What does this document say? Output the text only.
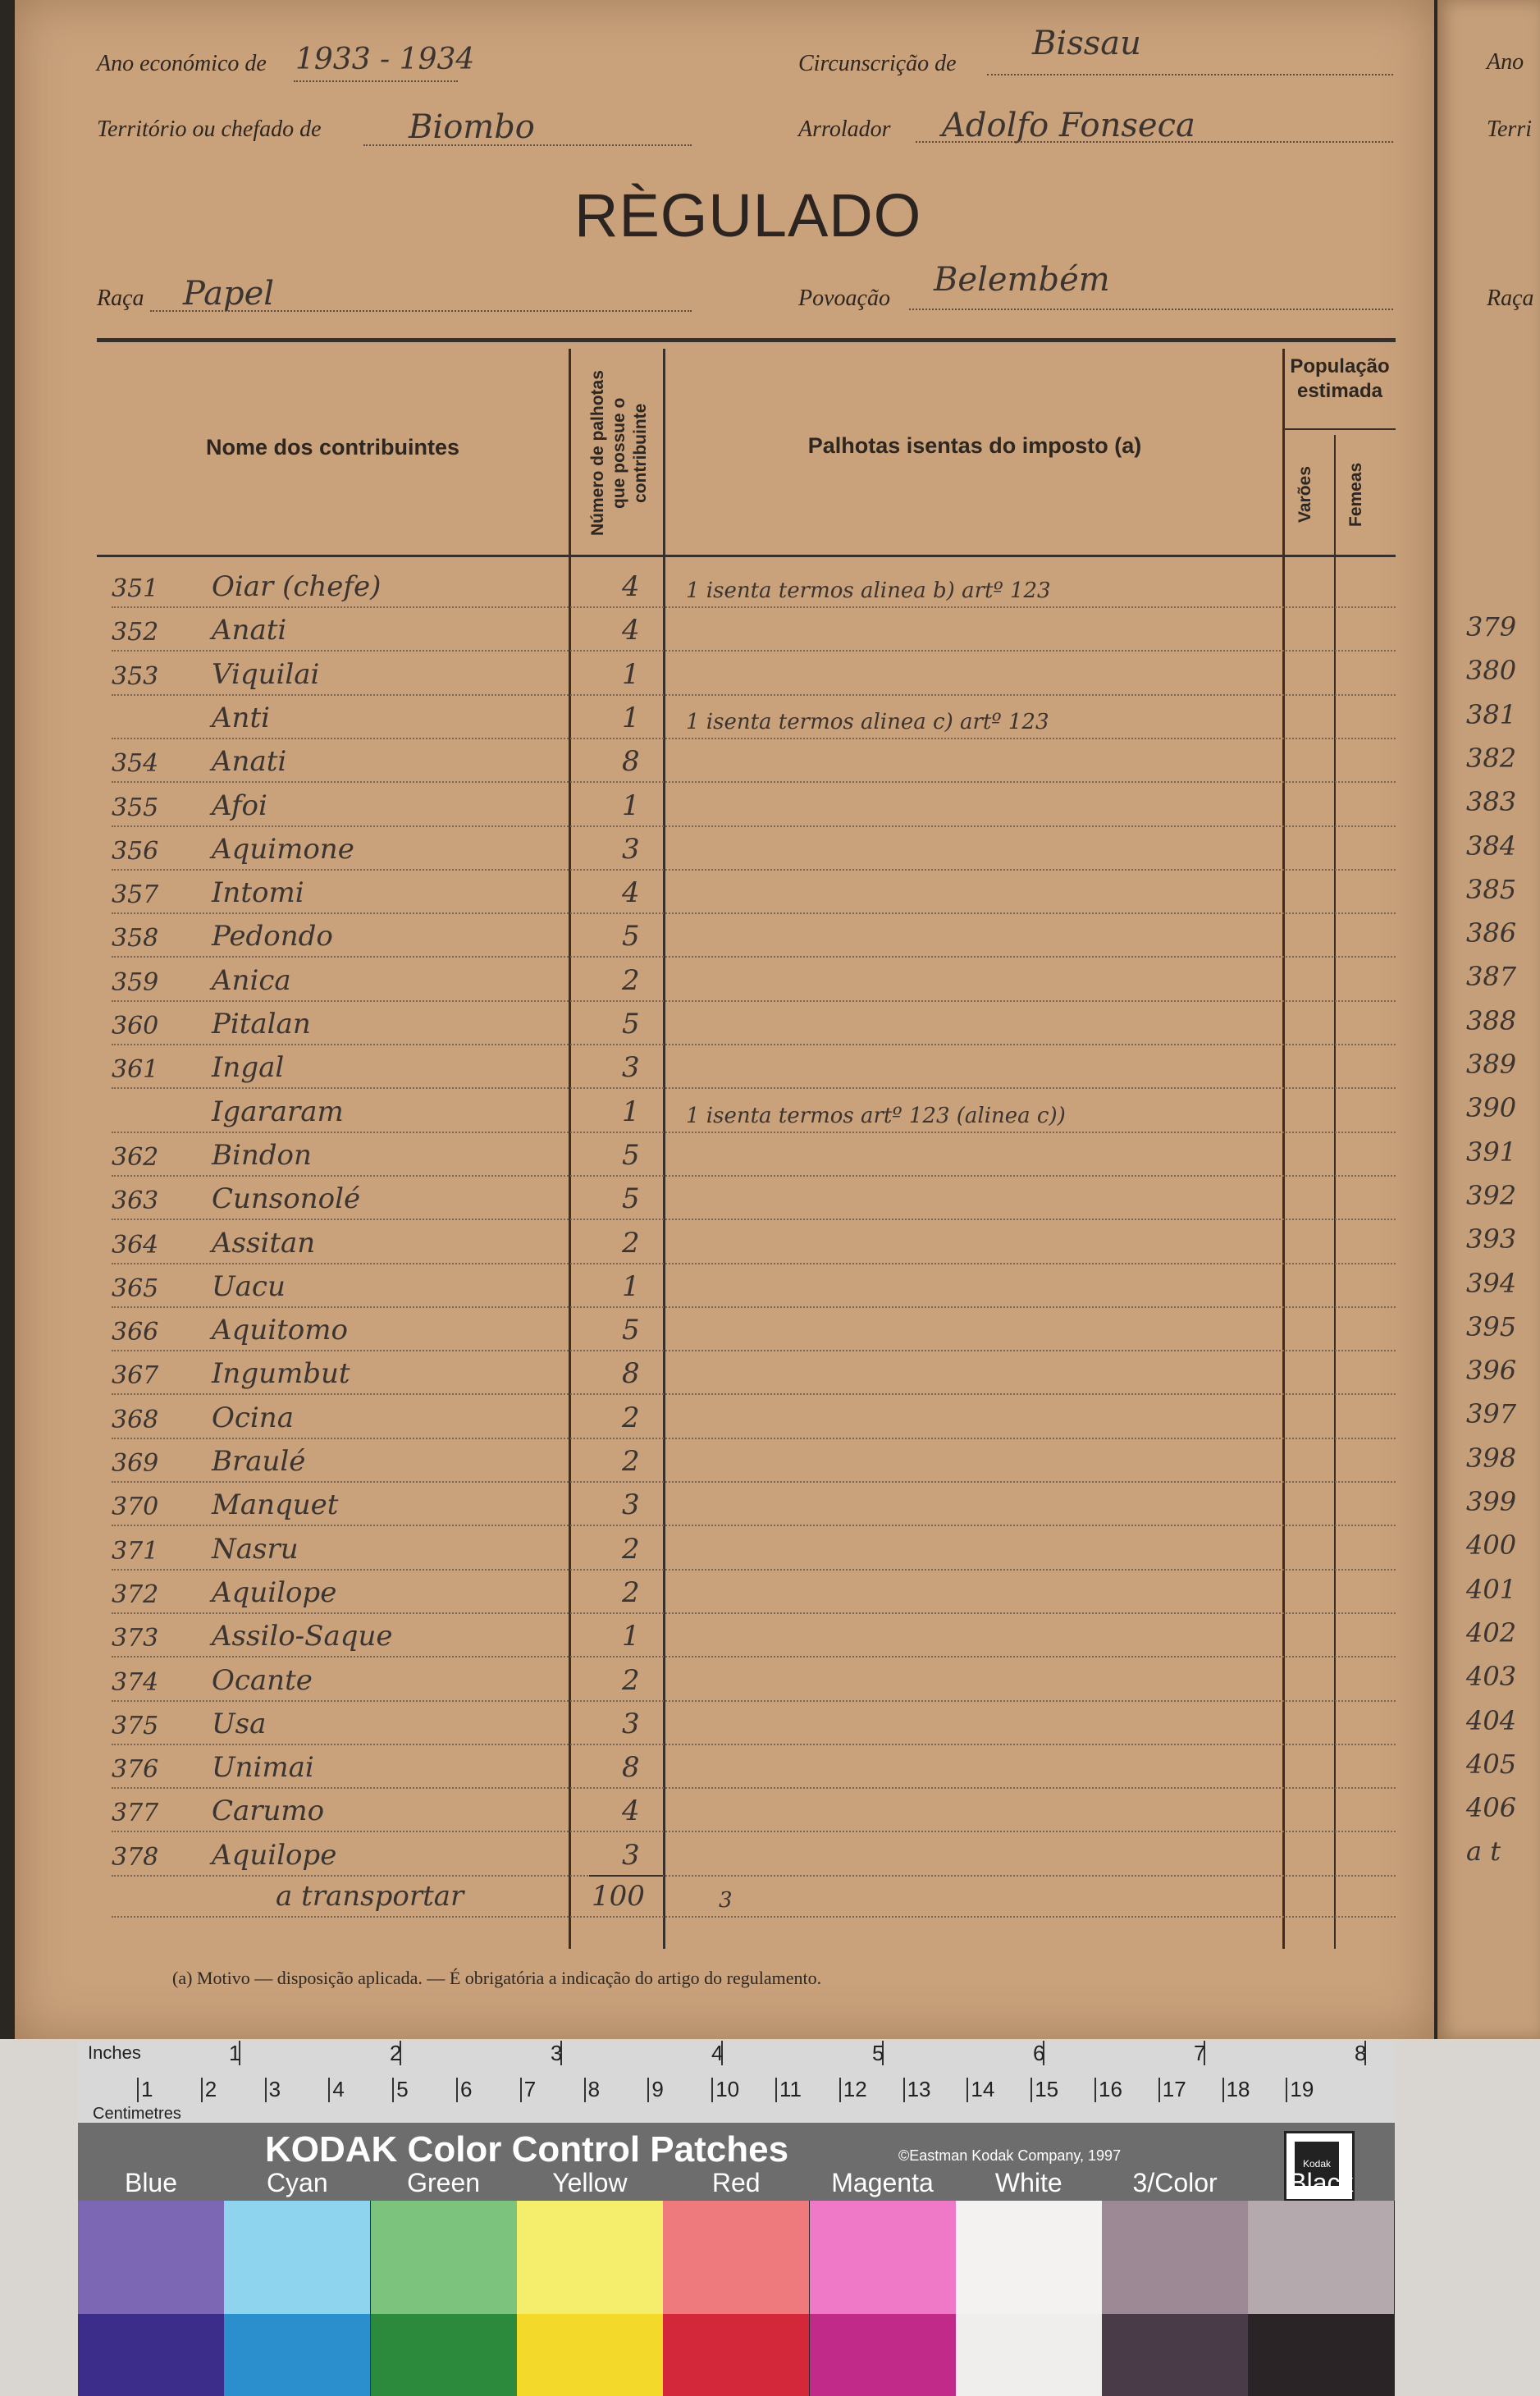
Ano económico de 1933 - 1934	Circunscrição de
Bissau
Território ou chefado de	Biombo	Arrolador Adolfo Fonseca
RÈGULADO
Raça Papel	Povoação Belembém
Nome dos contribuintes	Número de palhotas que possue o contribuinte	Palhotas isentas do imposto (a)
População estimada
Varões	Femeas
351 Oiar (chefe)	4 1 isenta termos alinea b) artº 123
352 Anati	4
353 Viquilai	1
Anti	1 1 isenta termos alinea c) artº 123
354 Anati	8
355 Afoi	1
356 Aquimone	3
357 Intomi	4
358 Pedondo	5
359 Anica	2
360 Pitalan	5
361 Ingal	3
Igararam	1 1 isenta termos artº 123 (alinea c))
362 Bindon	5
363 Cunsonolé	5
364 Assitan	2
365 Uacu	1
366 Aquitomo	5
367 Ingumbut	8
368 Ocina	2
369 Braulé	2
370 Manquet	3
371 Nasru	2
372 Aquilope	2
373 Assilo-Saque	1
374 Ocante	2
375 Usa	3
376 Unimai	8
377 Carumo	4
378 Aquilope	3
a transportar	100	3
(a) Motivo — disposição aplicada. — É obrigatória a indicação do artigo do regulamento.
Ano
Terri
Raça
379
380
381
382
383
384
385
386
387
388
389
390
391
392
393
394
395
396
397
398
399
400
401
402
403
404
405
406
a t
Inches
Centimetres
1	2	3	4	5	6	7	8
1 2 3 4 5 6 7 8 9 10 11 12 13 14 15 16 17 18 19
KODAK Color Control Patches	©Eastman Kodak Company, 1997	Kodak
Blue	Cyan	Green	Yellow	Red	Magenta	White	3/Color	Black
